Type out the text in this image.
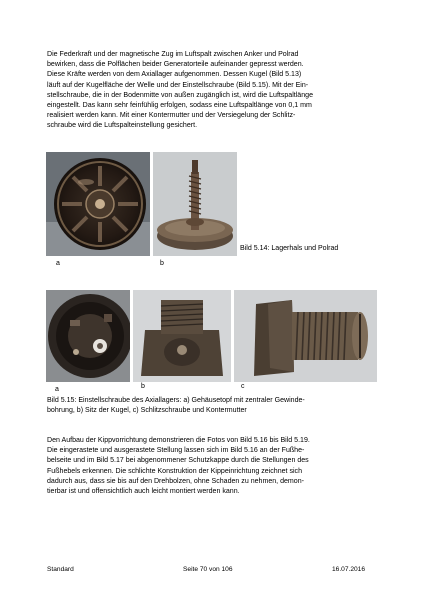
Die Federkraft und der magnetische Zug im Luftspalt zwischen Anker und Polrad
bewirken, dass die Polflächen beider Generatorteile aufeinander gepresst werden.
Diese Kräfte werden von dem Axiallager aufgenommen. Dessen Kugel (Bild 5.13)
läuft auf der Kugelfläche der Welle und der Einstellschraube (Bild 5.15). Mit der Ein-
stellschraube, die in der Bodenmitte von außen zugänglich ist, wird die Luftspaltlänge
eingestellt. Das kann sehr feinfühlig erfolgen, sodass eine Luftspaltlänge von 0,1 mm
realisiert werden kann. Mit einer Kontermutter und der Versiegelung der Schlitz-
schraube wird die Luftspalteinstellung gesichert.
a	b
Bild 5.14: Lagerhals und Polrad
a	b	c
Bild 5.15: Einstellschraube des Axiallagers: a) Gehäusetopf mit zentraler Gewinde-
bohrung, b) Sitz der Kugel, c) Schlitzschraube und Kontermutter
Den Aufbau der Kippvorrichtung demonstrieren die Fotos von Bild 5.16 bis Bild 5.19.
Die eingerastete und ausgerastete Stellung lassen sich im Bild 5.16 an der Fußhe-
belseite und im Bild 5.17 bei abgenommener Schutzkappe durch die Stellungen des
Fußhebels erkennen. Die schlichte Konstruktion der Kippeinrichtung zeichnet sich
dadurch aus, dass sie bis auf den Drehbolzen, ohne Schaden zu nehmen, demon-
tierbar ist und offensichtlich auch leicht montiert werden kann.
Standard	Seite 70 von 106	16.07.2016
